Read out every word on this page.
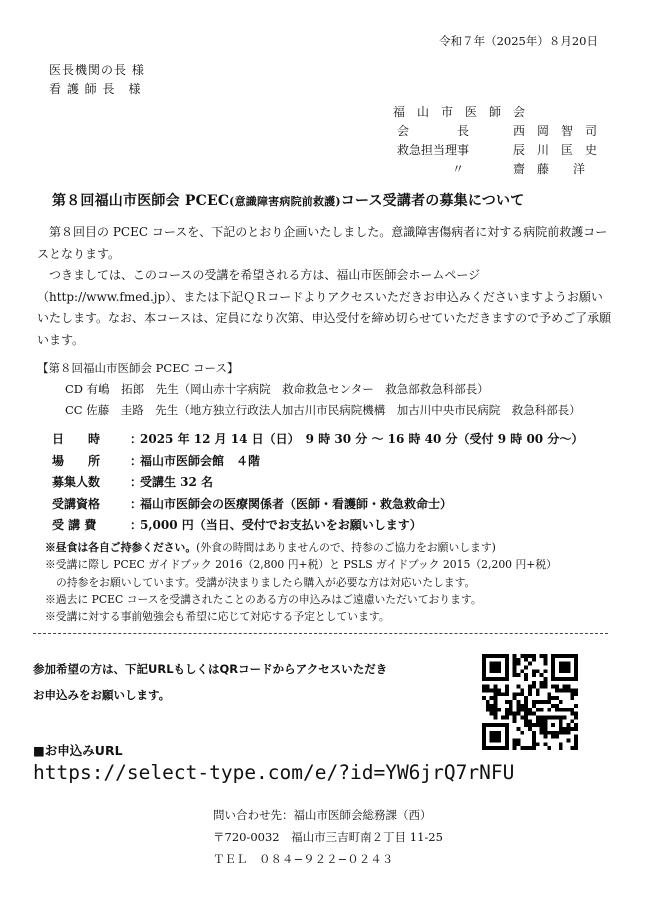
令和７年（2025年）８月20日
医長機関の長 様
看 護 師 長　様
福　山　市　医　師　会
会　　　　長	西　岡　智　司
救急担当理事	辰　川　匡　史
〃	齋　藤　　洋
第８回福山市医師会 PCEC(意識障害病院前救護)コース受講者の募集について

第８回目の PCEC コースを、下記のとおり企画いたしました。意識障害傷病者に対する病院前救護コースとなります。

つきましては、このコースの受講を希望される方は、福山市医師会ホームページ（http://www.fmed.jp）、または下記ＱＲコードよりアクセスいただきお申込みくださいますようお願いいたします。なお、本コースは、定員になり次第、申込受付を締め切らせていただきますので予めご了承願います。

【第８回福山市医師会 PCEC コース】
CD 有嶋　拓郎　先生（岡山赤十字病院　救命救急センター　救急部救急科部長）
CC 佐藤　圭路　先生（地方独立行政法人加古川市民病院機構　加古川中央市民病院　救急科部長）
日　　時	：
2025 年 12 月 14 日（日）　9 時 30 分 〜 16 時 40 分（受付 9 時 00 分〜）
場　　所	：
福山市医師会館　４階
募集人数	：
受講生 32 名
受講資格	：
福山市医師会の医療関係者（医師・看護師・救急救命士）
受 講 費	：
5,000 円（当日、受付でお支払いをお願いします）
※昼食は各自ご持参ください。(外食の時間はありませんので、持参のご協力をお願いします)
※受講に際し PCEC ガイドブック 2016（2,800 円+税）と PSLS ガイドブック 2015（2,200 円+税）
の持参をお願いしています。受講が決まりましたら購入が必要な方は対応いたします。
※過去に PCEC コースを受講されたことのある方の申込みはご遠慮いただいております。
※受講に対する事前勉強会も希望に応じて対応する予定としています。
参加希望の方は、下記URLもしくはQRコードからアクセスいただき
お申込みをお願いします。
■お申込みURL
https://select-type.com/e/?id=YW6jrQ7rNFU
問い合わせ先：福山市医師会総務課（西）
〒720-0032　福山市三吉町南２丁目 11-25
ＴＥＬ　０８４−９２２−０２４３
